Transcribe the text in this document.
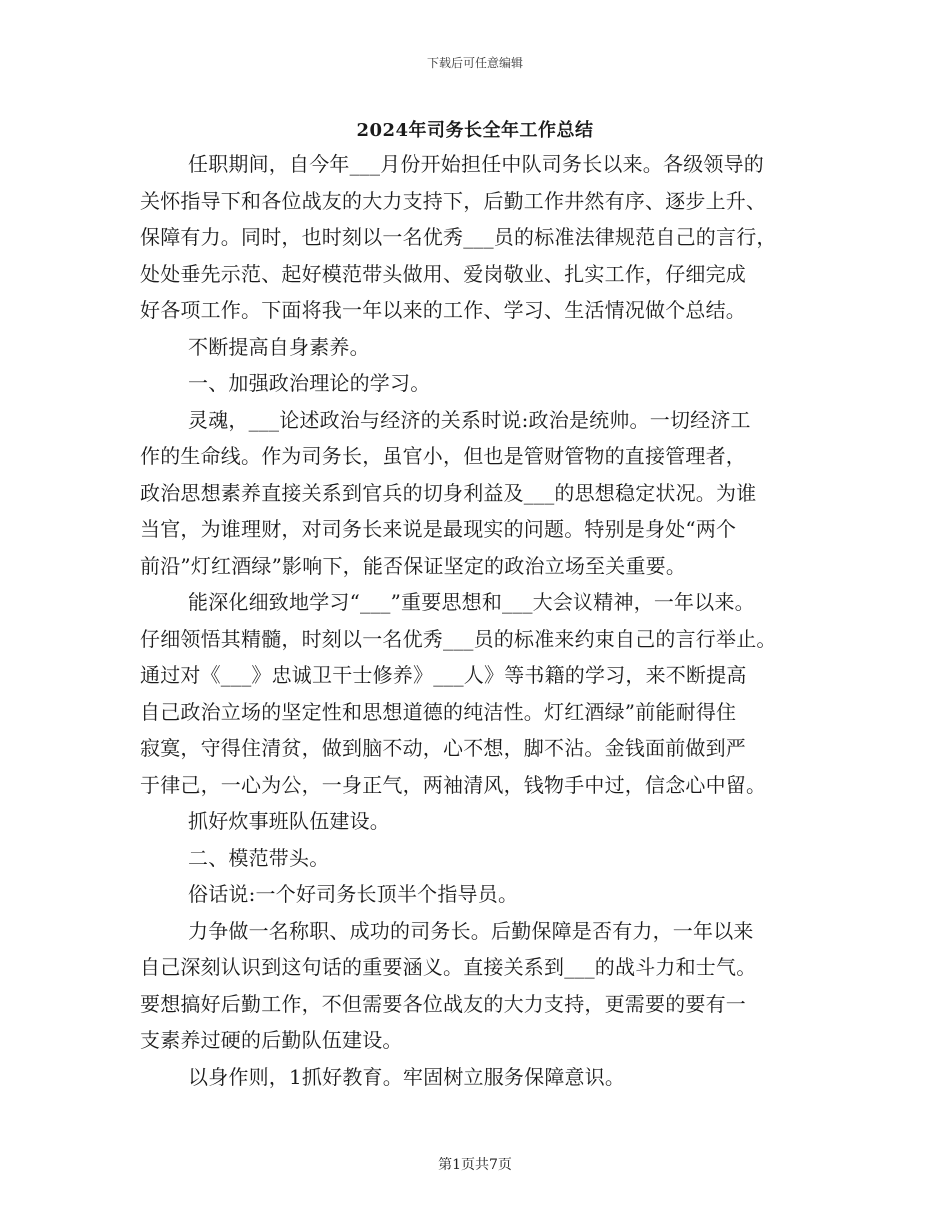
下载后可任意编辑
2024年司务长全年工作总结
任职期间，自今年___月份开始担任中队司务长以来。各级领导的
关怀指导下和各位战友的大力支持下，后勤工作井然有序、逐步上升、
保障有力。同时，也时刻以一名优秀___员的标准法律规范自己的言行，
处处垂先示范、起好模范带头做用、爱岗敬业、扎实工作，仔细完成
好各项工作。下面将我一年以来的工作、学习、生活情况做个总结。
不断提高自身素养。
一、加强政治理论的学习。
灵魂，___论述政治与经济的关系时说:政治是统帅。一切经济工
作的生命线。作为司务长，虽官小，但也是管财管物的直接管理者，
政治思想素养直接关系到官兵的切身利益及___的思想稳定状况。为谁
当官，为谁理财，对司务长来说是最现实的问题。特别是身处“两个
前沿”灯红酒绿”影响下，能否保证坚定的政治立场至关重要。
能深化细致地学习“___”重要思想和___大会议精神，一年以来。
仔细领悟其精髓，时刻以一名优秀___员的标准来约束自己的言行举止。
通过对《___》忠诚卫干士修养》___人》等书籍的学习，来不断提高
自己政治立场的坚定性和思想道德的纯洁性。灯红酒绿”前能耐得住
寂寞，守得住清贫，做到脑不动，心不想，脚不沾。金钱面前做到严
于律己，一心为公，一身正气，两袖清风，钱物手中过，信念心中留。
抓好炊事班队伍建设。
二、模范带头。
俗话说:一个好司务长顶半个指导员。
力争做一名称职、成功的司务长。后勤保障是否有力，一年以来
自己深刻认识到这句话的重要涵义。直接关系到___的战斗力和士气。
要想搞好后勤工作，不但需要各位战友的大力支持，更需要的要有一
支素养过硬的后勤队伍建设。
以身作则，1抓好教育。牢固树立服务保障意识。
第1页共7页
